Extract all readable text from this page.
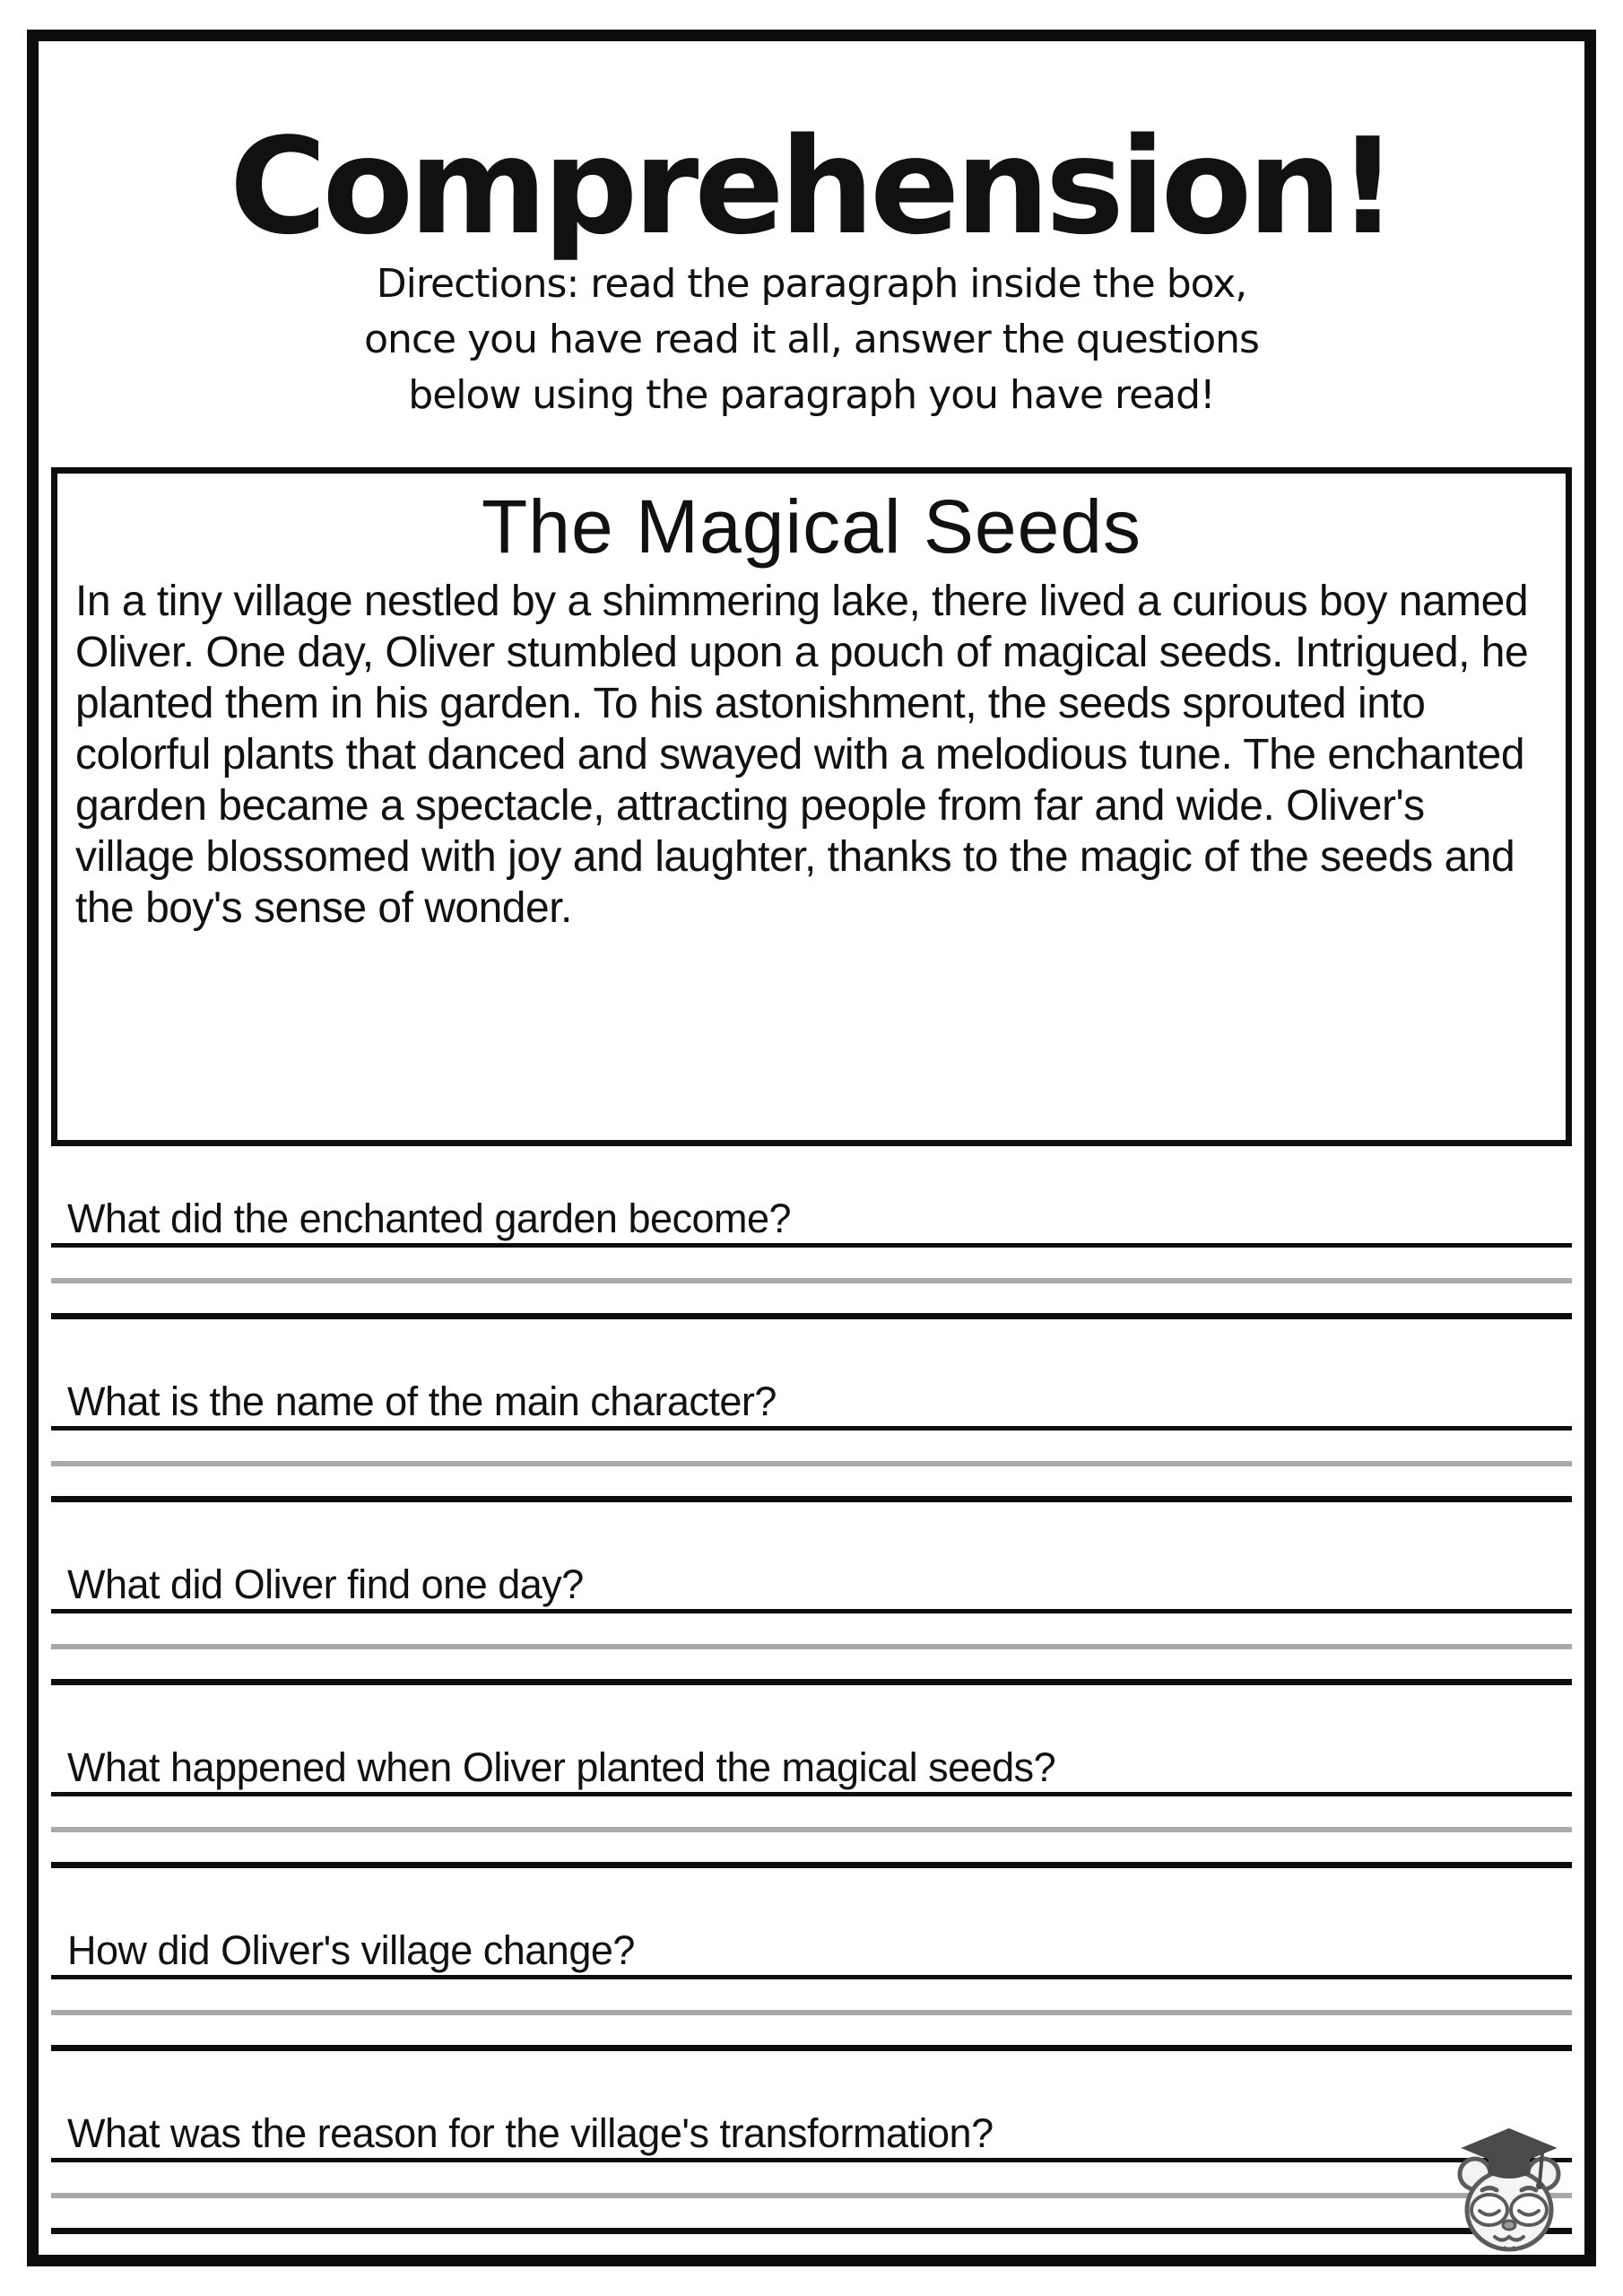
Comprehension!
Directions: read the paragraph inside the box,
once you have read it all, answer the questions
below using the paragraph you have read!
The Magical Seeds

In a tiny village nestled by a shimmering lake, there lived a curious boy named Oliver. One day, Oliver stumbled upon a pouch of magical seeds. Intrigued, he planted them in his garden. To his astonishment, the seeds sprouted into colorful plants that danced and swayed with a melodious tune. The enchanted garden became a spectacle, attracting people from far and wide. Oliver's village blossomed with joy and laughter, thanks to the magic of the seeds and the boy's sense of wonder.

What did the enchanted garden become?
What is the name of the main character?
What did Oliver find one day?
What happened when Oliver planted the magical seeds?
How did Oliver's village change?
What was the reason for the village's transformation?
